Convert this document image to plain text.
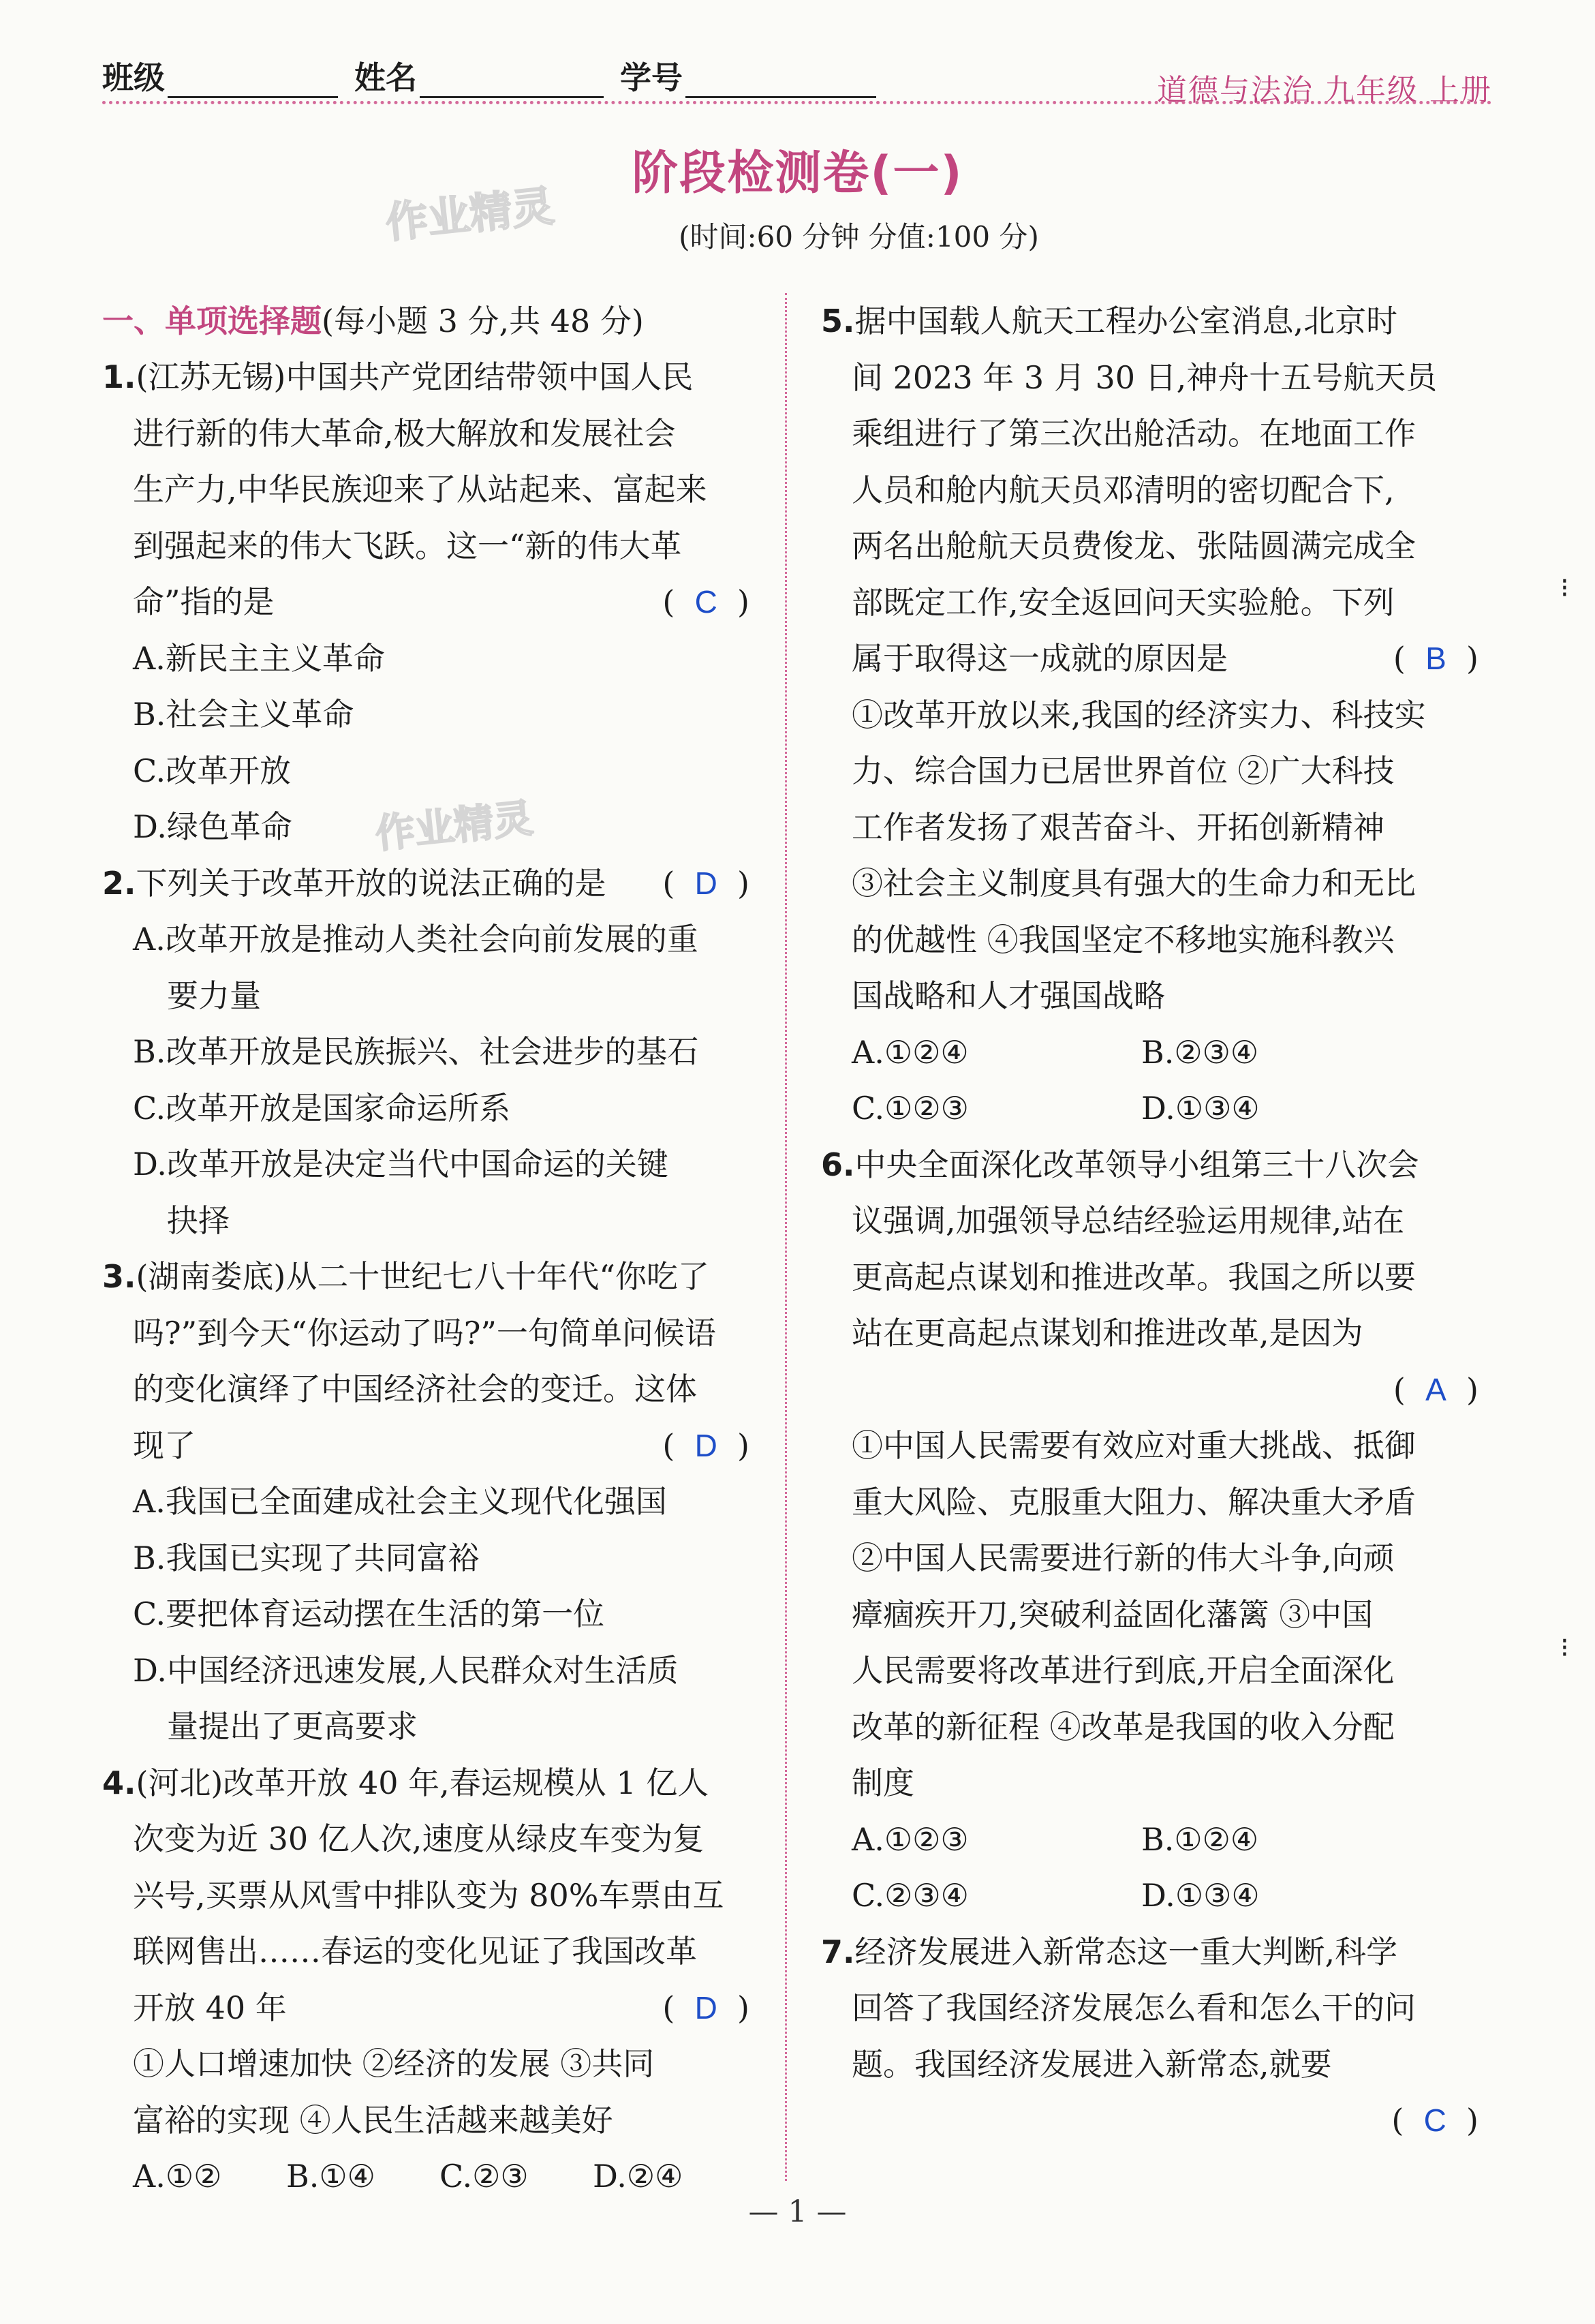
班级	姓名	学号	道德与法治 九年级 上册
阶段检测卷(一)
(时间:60 分钟 分值:100 分)
作业精灵
作业精灵
一、单项选择题(每小题 3 分,共 48 分)
1.(江苏无锡)中国共产党团结带领中国人民
进行新的伟大革命,极大解放和发展社会
生产力,中华民族迎来了从站起来、富起来
到强起来的伟大飞跃。这一“新的伟大革
命”指的是	(  C  )
A.新民主主义革命
B.社会主义革命
C.改革开放
D.绿色革命
2.下列关于改革开放的说法正确的是 (  D  )
A.改革开放是推动人类社会向前发展的重
要力量
B.改革开放是民族振兴、社会进步的基石
C.改革开放是国家命运所系
D.改革开放是决定当代中国命运的关键
抉择
3.(湖南娄底)从二十世纪七八十年代“你吃了
吗?”到今天“你运动了吗?”一句简单问候语
的变化演绎了中国经济社会的变迁。这体
现了	(  D  )
A.我国已全面建成社会主义现代化强国
B.我国已实现了共同富裕
C.要把体育运动摆在生活的第一位
D.中国经济迅速发展,人民群众对生活质
量提出了更高要求
4.(河北)改革开放 40 年,春运规模从 1 亿人
次变为近 30 亿人次,速度从绿皮车变为复
兴号,买票从风雪中排队变为 80%车票由互
联网售出……春运的变化见证了我国改革
开放 40 年	(  D  )
①人口增速加快 ②经济的发展 ③共同
富裕的实现 ④人民生活越来越美好
A.①② B.①④ C.②③ D.②④
5.据中国载人航天工程办公室消息,北京时
间 2023 年 3 月 30 日,神舟十五号航天员
乘组进行了第三次出舱活动。在地面工作
人员和舱内航天员邓清明的密切配合下,
两名出舱航天员费俊龙、张陆圆满完成全
部既定工作,安全返回问天实验舱。下列
属于取得这一成就的原因是	(  B  )
①改革开放以来,我国的经济实力、科技实
力、综合国力已居世界首位 ②广大科技
工作者发扬了艰苦奋斗、开拓创新精神
③社会主义制度具有强大的生命力和无比
的优越性 ④我国坚定不移地实施科教兴
国战略和人才强国战略
A.①②④	B.②③④
C.①②③	D.①③④
6.中央全面深化改革领导小组第三十八次会
议强调,加强领导总结经验运用规律,站在
更高起点谋划和推进改革。我国之所以要
站在更高起点谋划和推进改革,是因为
(  A  )
①中国人民需要有效应对重大挑战、抵御
重大风险、克服重大阻力、解决重大矛盾
②中国人民需要进行新的伟大斗争,向顽
瘴痼疾开刀,突破利益固化藩篱 ③中国
人民需要将改革进行到底,开启全面深化
改革的新征程 ④改革是我国的收入分配
制度
A.①②③	B.①②④
C.②③④	D.①③④
7.经济发展进入新常态这一重大判断,科学
回答了我国经济发展怎么看和怎么干的问
题。我国经济发展进入新常态,就要
(  C  )
⁝
⁝
— 1 —
